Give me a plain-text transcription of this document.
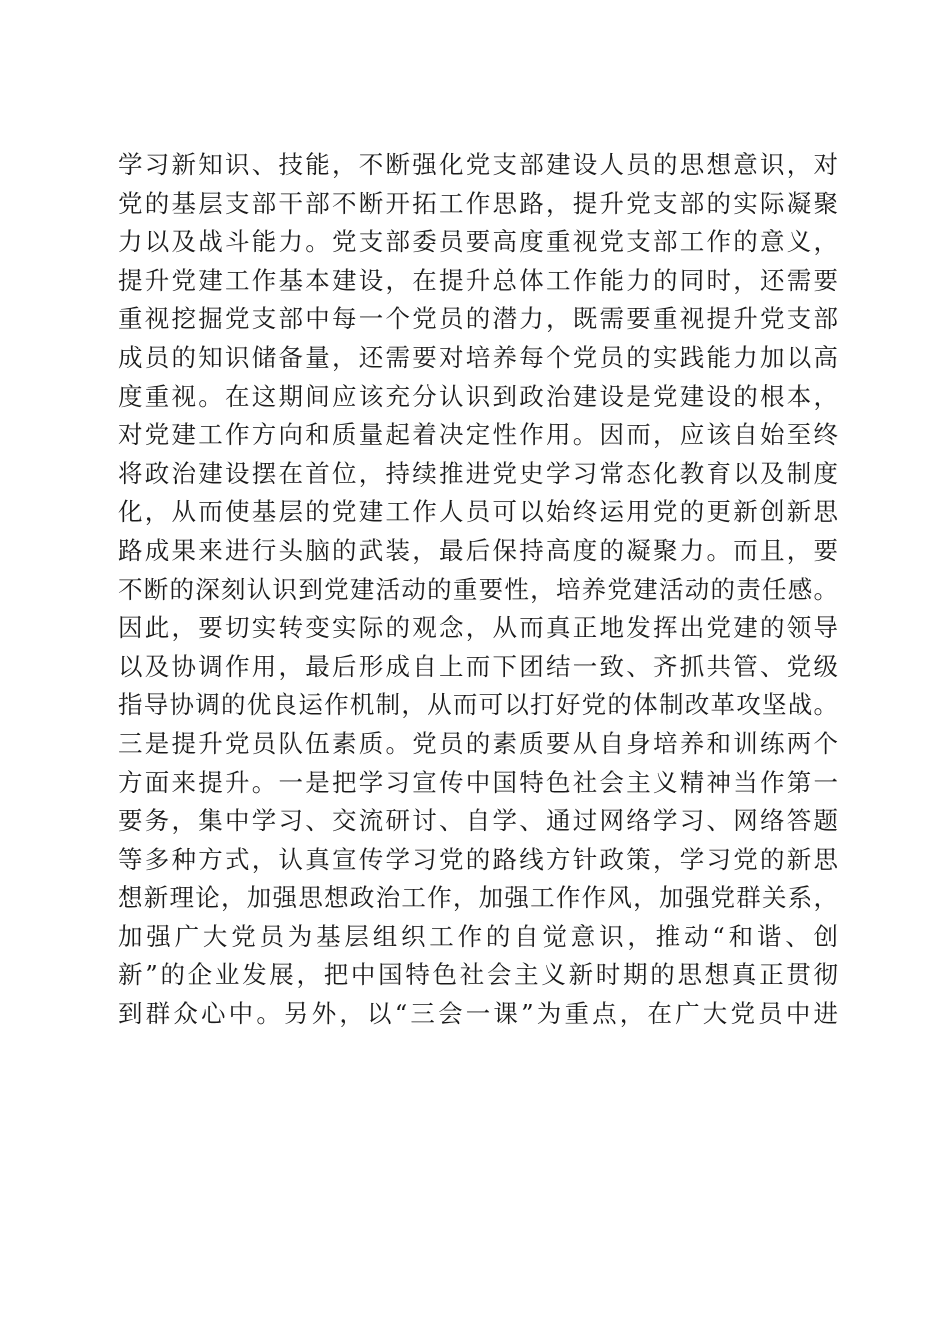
学习新知识、技能，不断强化党支部建设人员的思想意识，对
党的基层支部干部不断开拓工作思路，提升党支部的实际凝聚
力以及战斗能力。党支部委员要高度重视党支部工作的意义，
提升党建工作基本建设，在提升总体工作能力的同时，还需要
重视挖掘党支部中每一个党员的潜力，既需要重视提升党支部
成员的知识储备量，还需要对培养每个党员的实践能力加以高
度重视。在这期间应该充分认识到政治建设是党建设的根本，
对党建工作方向和质量起着决定性作用。因而，应该自始至终
将政治建设摆在首位，持续推进党史学习常态化教育以及制度
化，从而使基层的党建工作人员可以始终运用党的更新创新思
路成果来进行头脑的武装，最后保持高度的凝聚力。而且，要
不断的深刻认识到党建活动的重要性，培养党建活动的责任感。
因此，要切实转变实际的观念，从而真正地发挥出党建的领导
以及协调作用，最后形成自上而下团结一致、齐抓共管、党级
指导协调的优良运作机制，从而可以打好党的体制改革攻坚战。
三是提升党员队伍素质。党员的素质要从自身培养和训练两个
方面来提升。一是把学习宣传中国特色社会主义精神当作第一
要务，集中学习、交流研讨、自学、通过网络学习、网络答题
等多种方式，认真宣传学习党的路线方针政策，学习党的新思
想新理论，加强思想政治工作，加强工作作风，加强党群关系，
加强广大党员为基层组织工作的自觉意识，推动“和谐、创
新”的企业发展，把中国特色社会主义新时期的思想真正贯彻
到群众心中。另外，以“三会一课”为重点，在广大党员中进
